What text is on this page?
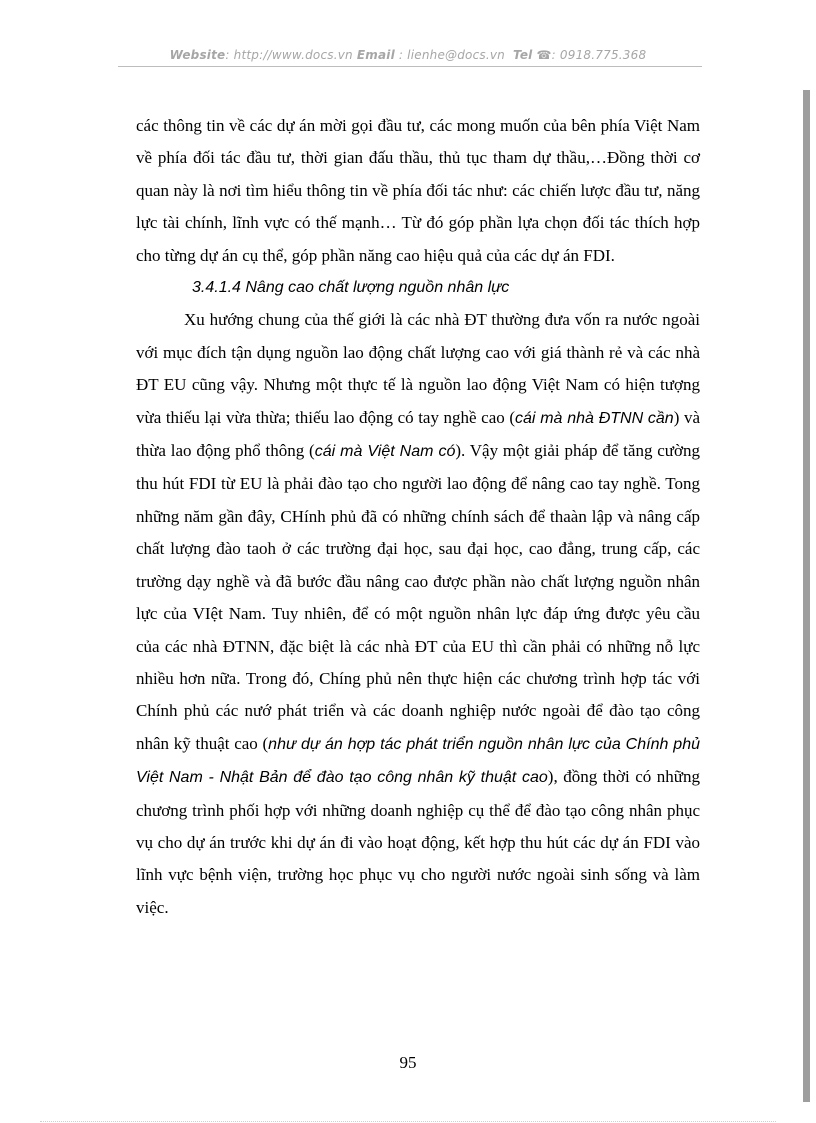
Website: http://www.docs.vn Email : lienhe@docs.vn Tel ☎: 0918.775.368

các thông tin về các dự án mời gọi đầu tư, các mong muốn của bên phía Việt Nam về phía đối tác đầu tư, thời gian đấu thầu, thủ tục tham dự thầu,…Đồng thời cơ quan này là nơi tìm hiểu thông tin về phía đối tác như: các chiến lược đầu tư, năng lực tài chính, lĩnh vực có thế mạnh… Từ đó góp phần lựa chọn đối tác thích hợp cho từng dự án cụ thể, góp phần năng cao hiệu quả của các dự án FDI.

3.4.1.4 Nâng cao chất lượng nguồn nhân lực

Xu hướng chung của thế giới là các nhà ĐT thường đưa vốn ra nước ngoài với mục đích tận dụng nguồn lao động chất lượng cao với giá thành rẻ và các nhà ĐT EU cũng vậy. Nhưng một thực tế là nguồn lao động Việt Nam có hiện tượng vừa thiếu lại vừa thừa; thiếu lao động có tay nghề cao (cái mà nhà ĐTNN cần) và thừa lao động phổ thông (cái mà Việt Nam có). Vậy một giải pháp để tăng cường thu hút FDI từ EU là phải đào tạo cho người lao động để nâng cao tay nghề. Tong những năm gần đây, CHính phủ đã có những chính sách để thaàn lập và nâng cấp chất lượng đào taoh ở các trường đại học, sau đại học, cao đẳng, trung cấp, các trường dạy nghề và đã bước đầu nâng cao được phần nào chất lượng nguồn nhân lực của VIệt Nam. Tuy nhiên, để có một nguồn nhân lực đáp ứng được yêu cầu của các nhà ĐTNN, đặc biệt là các nhà ĐT của EU thì cần phải có những nỗ lực nhiều hơn nữa. Trong đó, Chíng phủ nên thực hiện các chương trình hợp tác với Chính phủ các nướ phát triển và các doanh nghiệp nước ngoài để đào tạo công nhân kỹ thuật cao (như dự án hợp tác phát triển nguồn nhân lực của Chính phủ Việt Nam - Nhật Bản để đào tạo công nhân kỹ thuật cao), đồng thời có những chương trình phối hợp với những doanh nghiệp cụ thể để đào tạo công nhân phục vụ cho dự án trước khi dự án đi vào hoạt động, kết hợp thu hút các dự án FDI vào lĩnh vực bệnh viện, trường học phục vụ cho người nước ngoài sinh sống và làm việc.

95
